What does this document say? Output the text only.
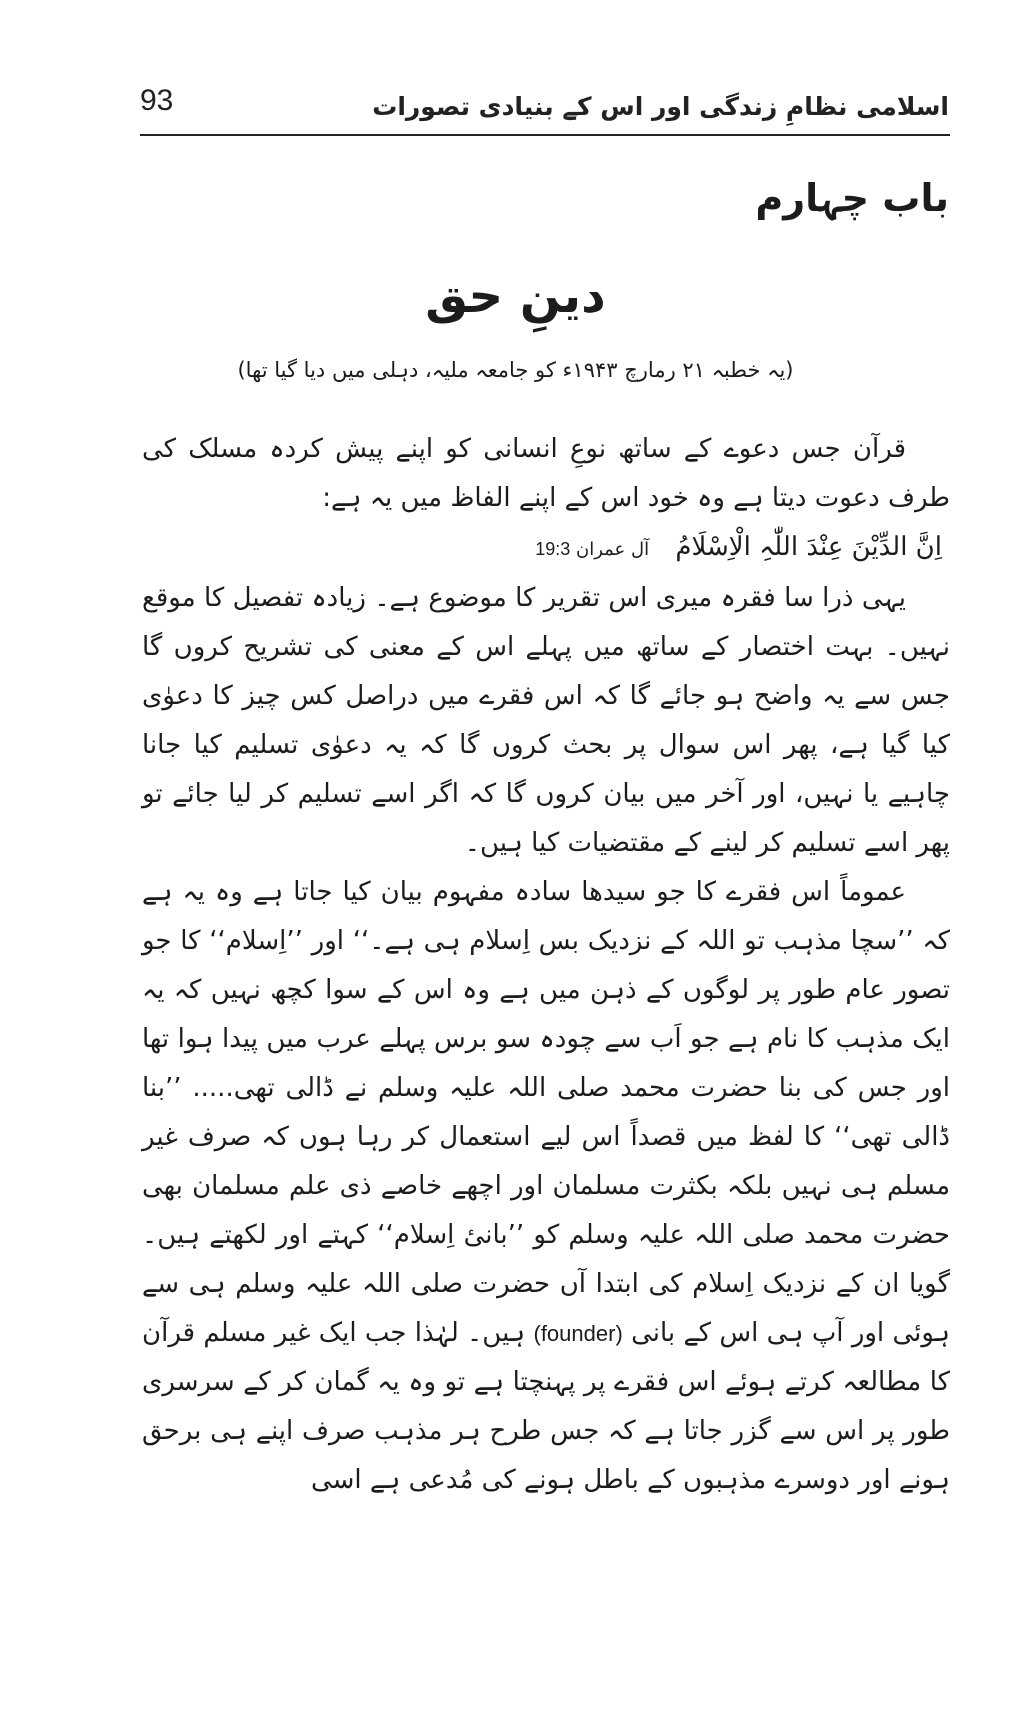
93	اسلامی نظامِ زندگی اور اس کے بنیادی تصورات
باب چہارم
دینِ حق
(یہ خطبہ ۲۱ رمارچ ۱۹۴۳ء کو جامعہ ملیہ، دہلی میں دیا گیا تھا)

قرآن جس دعوے کے ساتھ نوعِ انسانی کو اپنے پیش کردہ مسلک کی طرف دعوت دیتا ہے وہ خود اس کے اپنے الفاظ میں یہ ہے:

اِنَّ الدِّیْنَ عِنْدَ اللّٰہِ الْاِسْلَامُ آل عمران 19:3

یہی ذرا سا فقرہ میری اس تقریر کا موضوع ہے۔ زیادہ تفصیل کا موقع نہیں۔ بہت اختصار کے ساتھ میں پہلے اس کے معنی کی تشریح کروں گا جس سے یہ واضح ہو جائے گا کہ اس فقرے میں دراصل کس چیز کا دعوٰی کیا گیا ہے، پھر اس سوال پر بحث کروں گا کہ یہ دعوٰی تسلیم کیا جانا چاہیے یا نہیں، اور آخر میں بیان کروں گا کہ اگر اسے تسلیم کر لیا جائے تو پھر اسے تسلیم کر لینے کے مقتضیات کیا ہیں۔

عموماً اس فقرے کا جو سیدھا سادہ مفہوم بیان کیا جاتا ہے وہ یہ ہے کہ ’’سچا مذہب تو اللہ کے نزدیک بس اِسلام ہی ہے۔‘‘ اور ’’اِسلام‘‘ کا جو تصور عام طور پر لوگوں کے ذہن میں ہے وہ اس کے سوا کچھ نہیں کہ یہ ایک مذہب کا نام ہے جو اَب سے چودہ سو برس پہلے عرب میں پیدا ہوا تھا اور جس کی بنا حضرت محمد صلی اللہ علیہ وسلم نے ڈالی تھی..... ’’بنا ڈالی تھی‘‘ کا لفظ میں قصداً اس لیے استعمال کر رہا ہوں کہ صرف غیر مسلم ہی نہیں بلکہ بکثرت مسلمان اور اچھے خاصے ذی علم مسلمان بھی حضرت محمد صلی اللہ علیہ وسلم کو ’’بانیٔ اِسلام‘‘ کہتے اور لکھتے ہیں۔ گویا ان کے نزدیک اِسلام کی ابتدا آں حضرت صلی اللہ علیہ وسلم ہی سے ہوئی اور آپ ہی اس کے بانی (founder) ہیں۔ لہٰذا جب ایک غیر مسلم قرآن کا مطالعہ کرتے ہوئے اس فقرے پر پہنچتا ہے تو وہ یہ گمان کر کے سرسری طور پر اس سے گزر جاتا ہے کہ جس طرح ہر مذہب صرف اپنے ہی برحق ہونے اور دوسرے مذہبوں کے باطل ہونے کی مُدعی ہے اسی
